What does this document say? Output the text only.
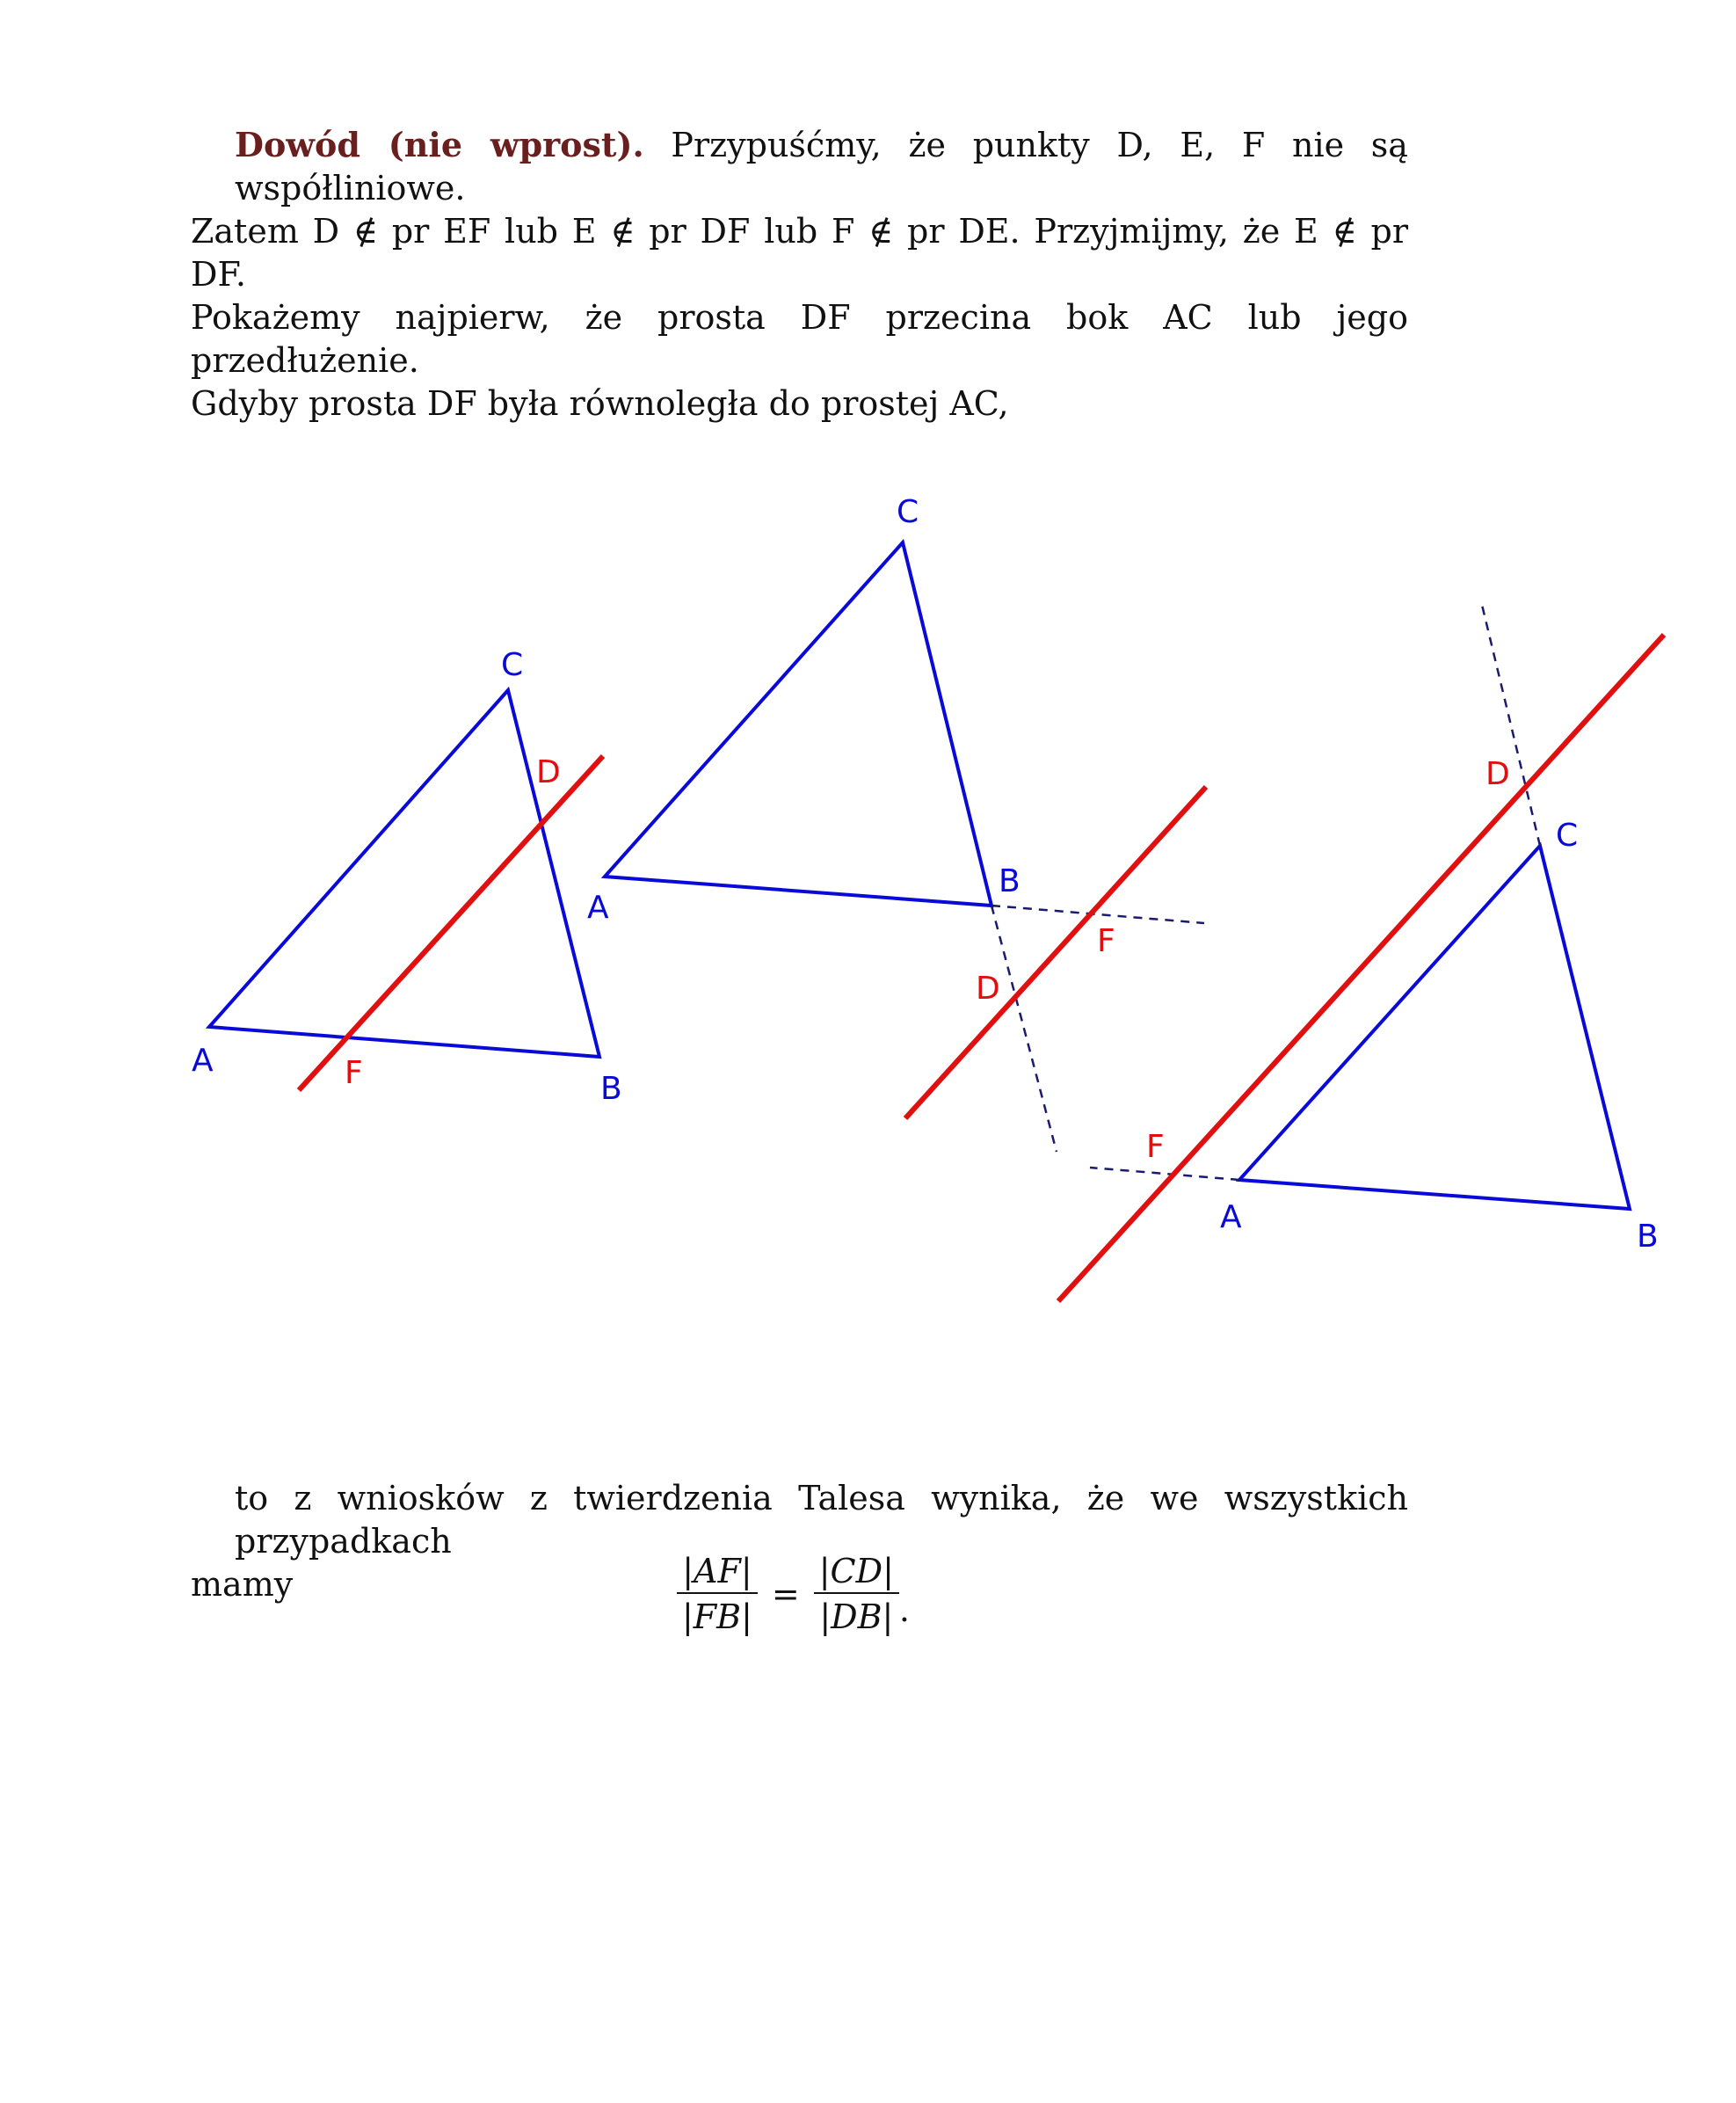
Dowód (nie wprost). Przypuśćmy, że punkty D, E, F nie są współliniowe.
Zatem D ∉ pr EF lub E ∉ pr DF lub F ∉ pr DE. Przyjmijmy, że E ∉ pr DF.
Pokażemy najpierw, że prosta DF przecina bok AC lub jego przedłużenie.
Gdyby prosta DF była równoległa do prostej AC,
C
D
A	F	B
C
A
B
F
D
D
C
F
A
B
to z wniosków z twierdzenia Talesa wynika, że we wszystkich przypadkach
mamy	$\frac{|AF|}{|FB|} = \frac{|CD|}{|DB|}$ .
